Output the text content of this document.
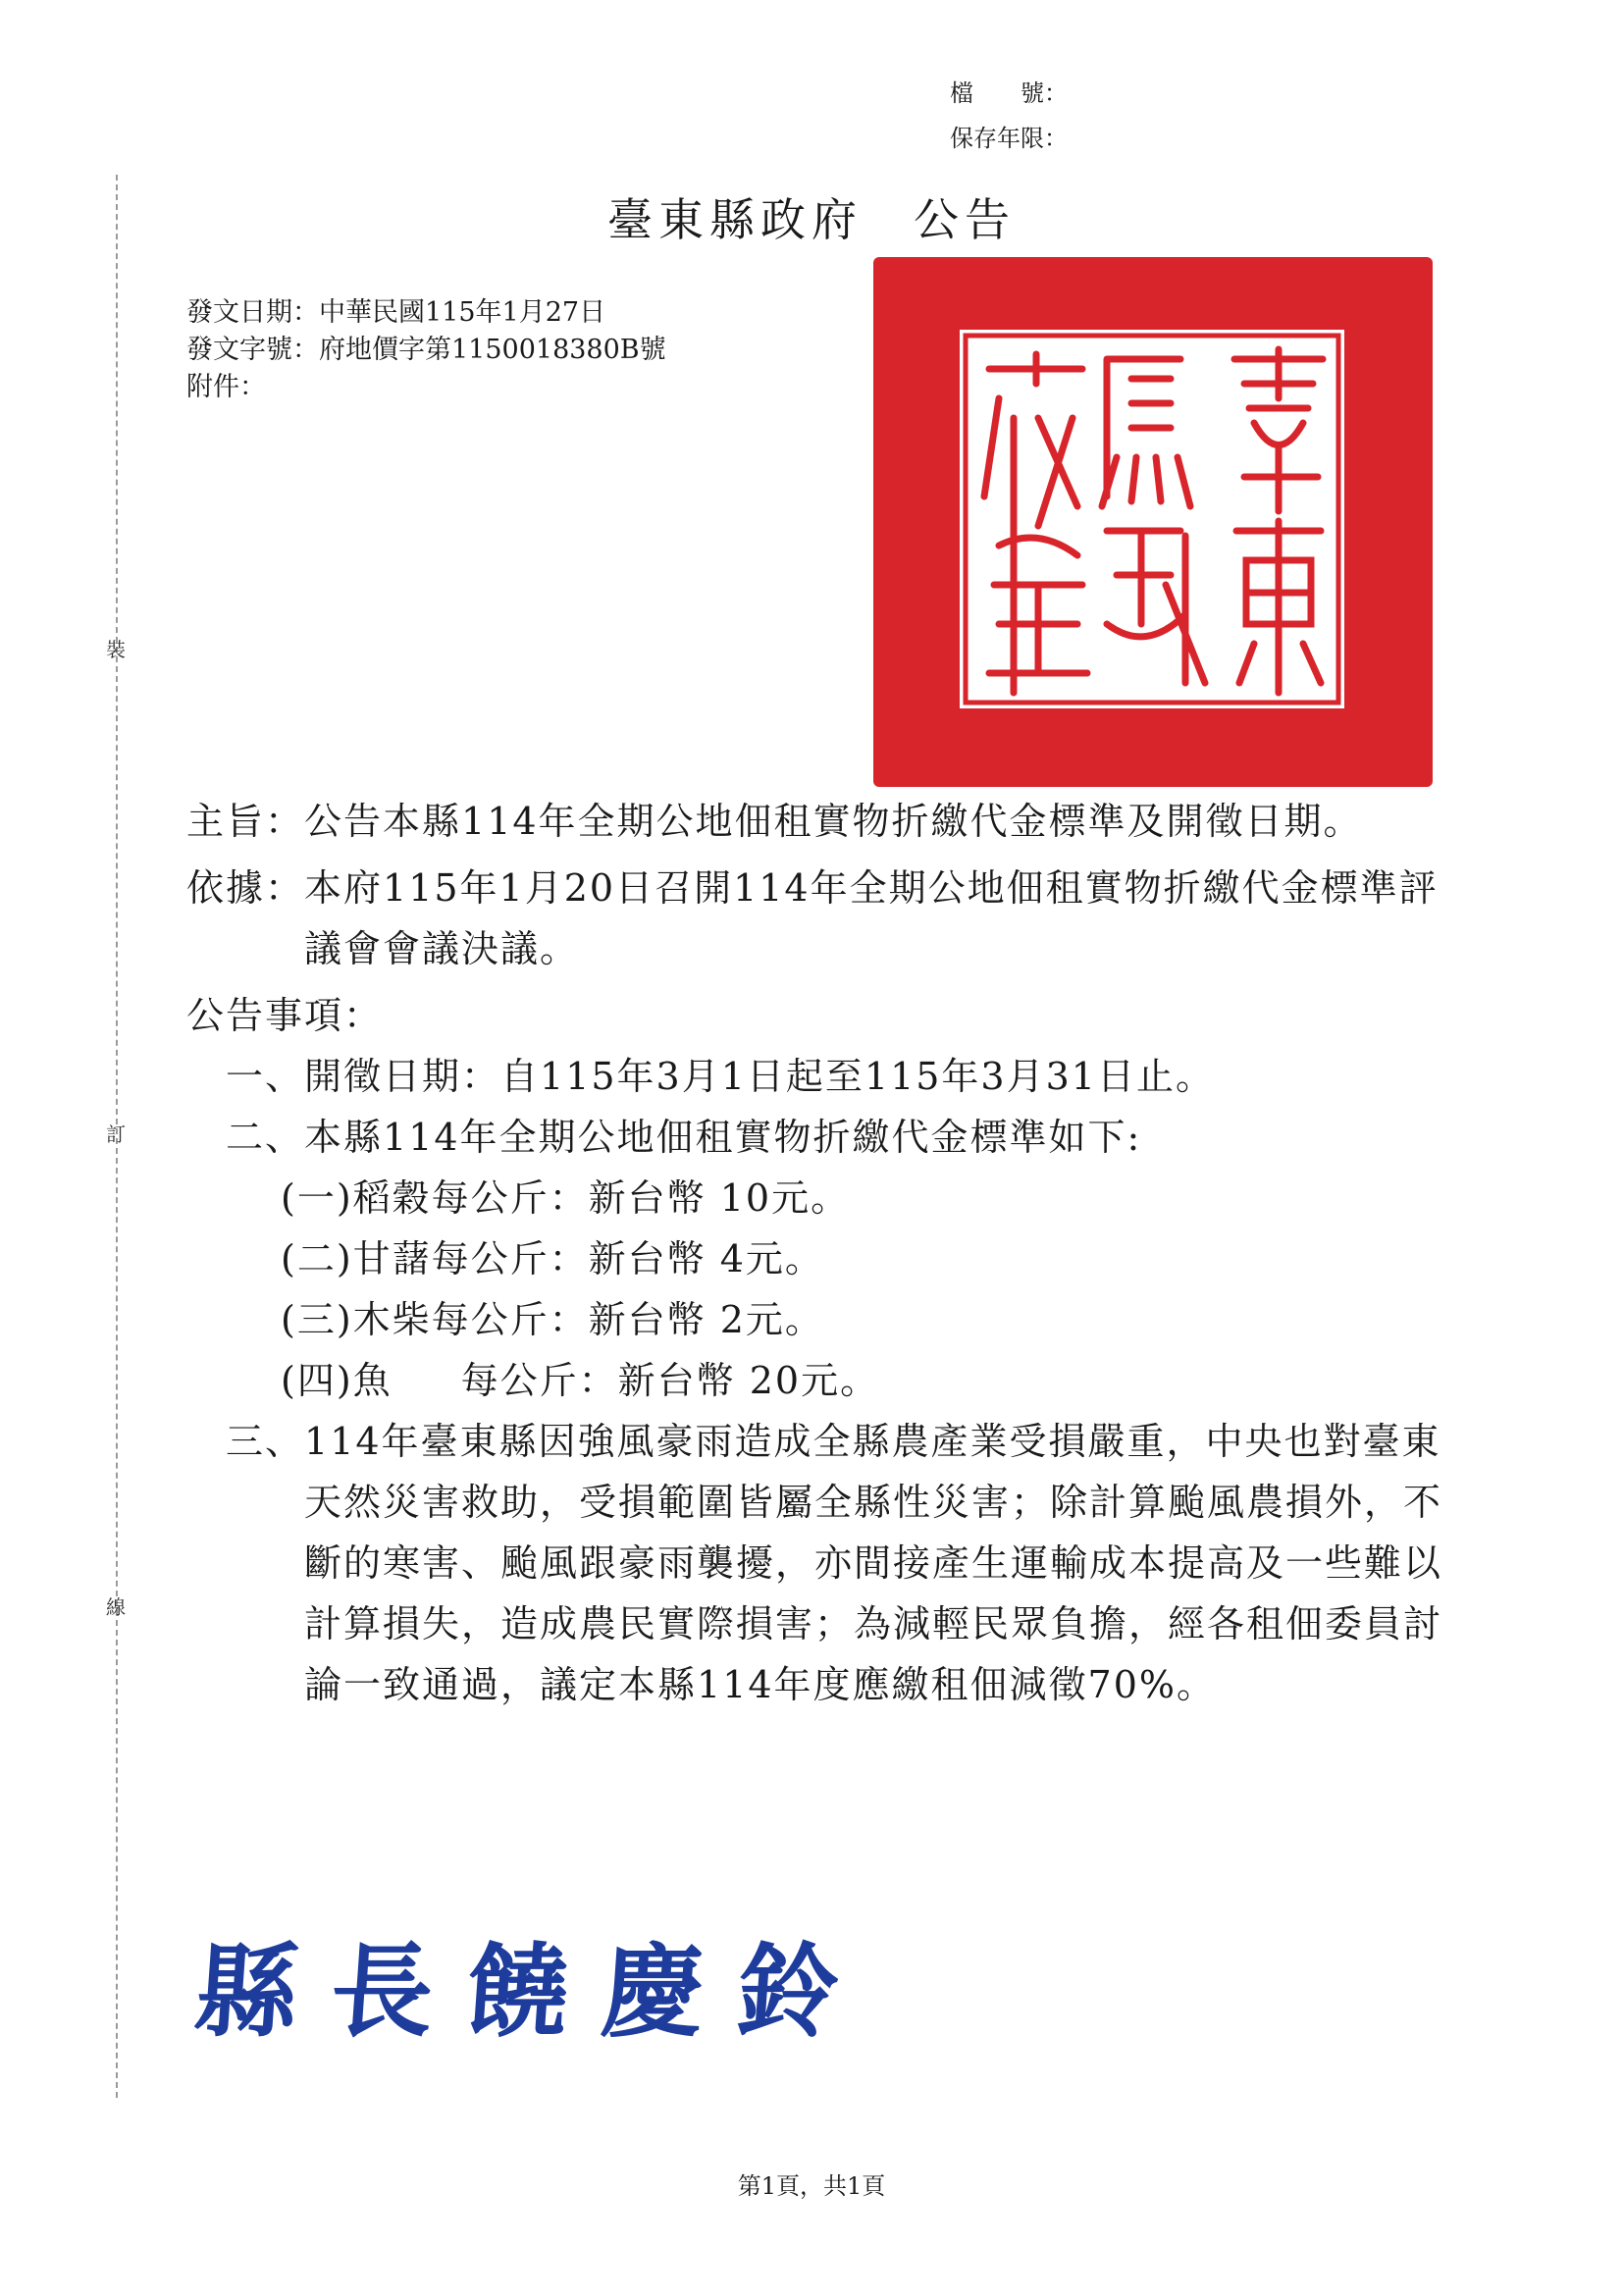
檔　　號：
保存年限：
臺東縣政府　公告
發文日期：中華民國115年1月27日
發文字號：府地價字第1150018380B號
附件：
裝
訂
線
主旨： 公告本縣114年全期公地佃租實物折繳代金標準及開徵日期。
依據： 本府115年1月20日召開114年全期公地佃租實物折繳代金標準評議會會議決議。
公告事項：
一、 開徵日期：自115年3月1日起至115年3月31日止。
二、 本縣114年全期公地佃租實物折繳代金標準如下:
(一) 稻穀 每公斤：新台幣 10元。
(二) 甘藷 每公斤：新台幣 4元。
(三) 木柴 每公斤：新台幣 2元。
(四) 魚 每公斤：新台幣 20元。
三、 114年臺東縣因強風豪雨造成全縣農產業受損嚴重，中央也對臺東天然災害救助，受損範圍皆屬全縣性災害；除計算颱風農損外，不斷的寒害、颱風跟豪雨襲擾，亦間接產生運輸成本提高及一些難以計算損失，造成農民實際損害；為減輕民眾負擔，經各租佃委員討論一致通過，議定本縣114年度應繳租佃減徵70%。
縣長饒慶鈴
第1頁，共1頁
